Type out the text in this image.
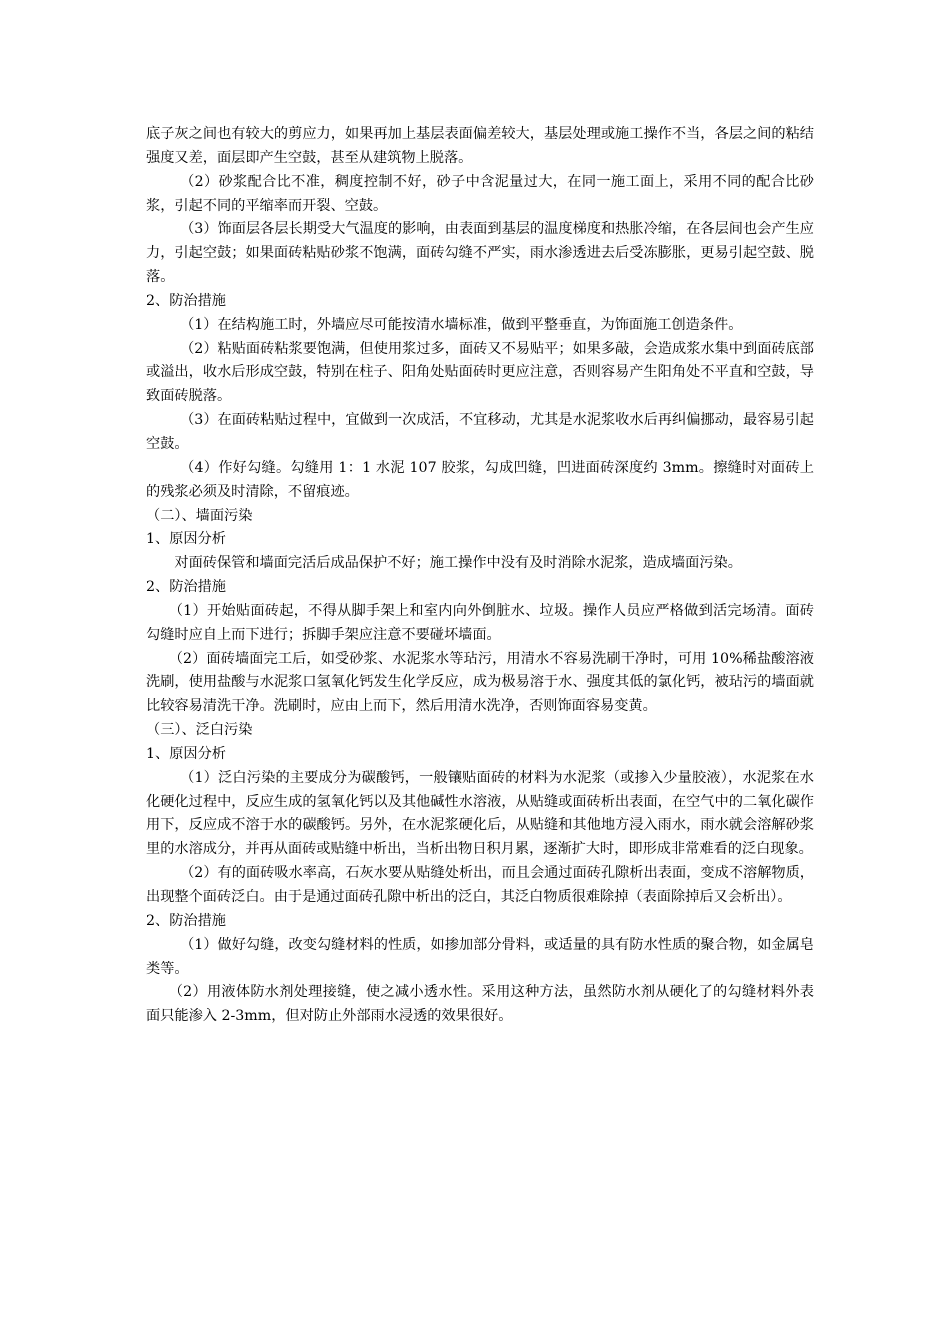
底子灰之间也有较大的剪应力，如果再加上基层表面偏差较大，基层处理或施工操作不当，各层之间的粘结强度又差，面层即产生空鼓，甚至从建筑物上脱落。

（2）砂浆配合比不准，稠度控制不好，砂子中含泥量过大，在同一施工面上，采用不同的配合比砂浆，引起不同的平缩率而开裂、空鼓。

（3）饰面层各层长期受大气温度的影响，由表面到基层的温度梯度和热胀冷缩，在各层间也会产生应力，引起空鼓；如果面砖粘贴砂浆不饱满，面砖勾缝不严实，雨水渗透进去后受冻膨胀，更易引起空鼓、脱落。

2、防治措施

（1）在结构施工时，外墙应尽可能按清水墙标准，做到平整垂直，为饰面施工创造条件。

（2）粘贴面砖粘浆要饱满，但使用浆过多，面砖又不易贴平；如果多敲，会造成浆水集中到面砖底部或溢出，收水后形成空鼓，特别在柱子、阳角处贴面砖时更应注意，否则容易产生阳角处不平直和空鼓，导致面砖脱落。

（3）在面砖粘贴过程中，宜做到一次成活，不宜移动，尤其是水泥浆收水后再纠偏挪动，最容易引起空鼓。

（4）作好勾缝。勾缝用 1：1 水泥 107 胶浆，勾成凹缝，凹进面砖深度约 3mm。擦缝时对面砖上的残浆必须及时清除，不留痕迹。

（二）、墙面污染

1、原因分析

对面砖保管和墙面完活后成品保护不好；施工操作中没有及时消除水泥浆，造成墙面污染。

2、防治措施

（1）开始贴面砖起，不得从脚手架上和室内向外倒脏水、垃圾。操作人员应严格做到活完场清。面砖勾缝时应自上而下进行；拆脚手架应注意不要碰坏墙面。

（2）面砖墙面完工后，如受砂浆、水泥浆水等玷污，用清水不容易洗刷干净时，可用 10%稀盐酸溶液洗刷，使用盐酸与水泥浆口氢氧化钙发生化学反应，成为极易溶于水、强度其低的氯化钙，被玷污的墙面就比较容易清洗干净。洗刷时，应由上而下，然后用清水洗净，否则饰面容易变黄。

（三）、泛白污染

1、原因分析

（1）泛白污染的主要成分为碳酸钙，一般镶贴面砖的材料为水泥浆（或掺入少量胶液），水泥浆在水化硬化过程中，反应生成的氢氧化钙以及其他碱性水溶液，从贴缝或面砖析出表面，在空气中的二氧化碳作用下，反应成不溶于水的碳酸钙。另外，在水泥浆硬化后，从贴缝和其他地方浸入雨水，雨水就会溶解砂浆里的水溶成分，并再从面砖或贴缝中析出，当析出物日积月累，逐渐扩大时，即形成非常难看的泛白现象。

（2）有的面砖吸水率高，石灰水要从贴缝处析出，而且会通过面砖孔隙析出表面，变成不溶解物质，出现整个面砖泛白。由于是通过面砖孔隙中析出的泛白，其泛白物质很难除掉（表面除掉后又会析出）。

2、防治措施

（1）做好勾缝，改变勾缝材料的性质，如掺加部分骨料，或适量的具有防水性质的聚合物，如金属皂类等。

（2）用液体防水剂处理接缝，使之减小透水性。采用这种方法，虽然防水剂从硬化了的勾缝材料外表面只能渗入 2-3mm，但对防止外部雨水浸透的效果很好。
